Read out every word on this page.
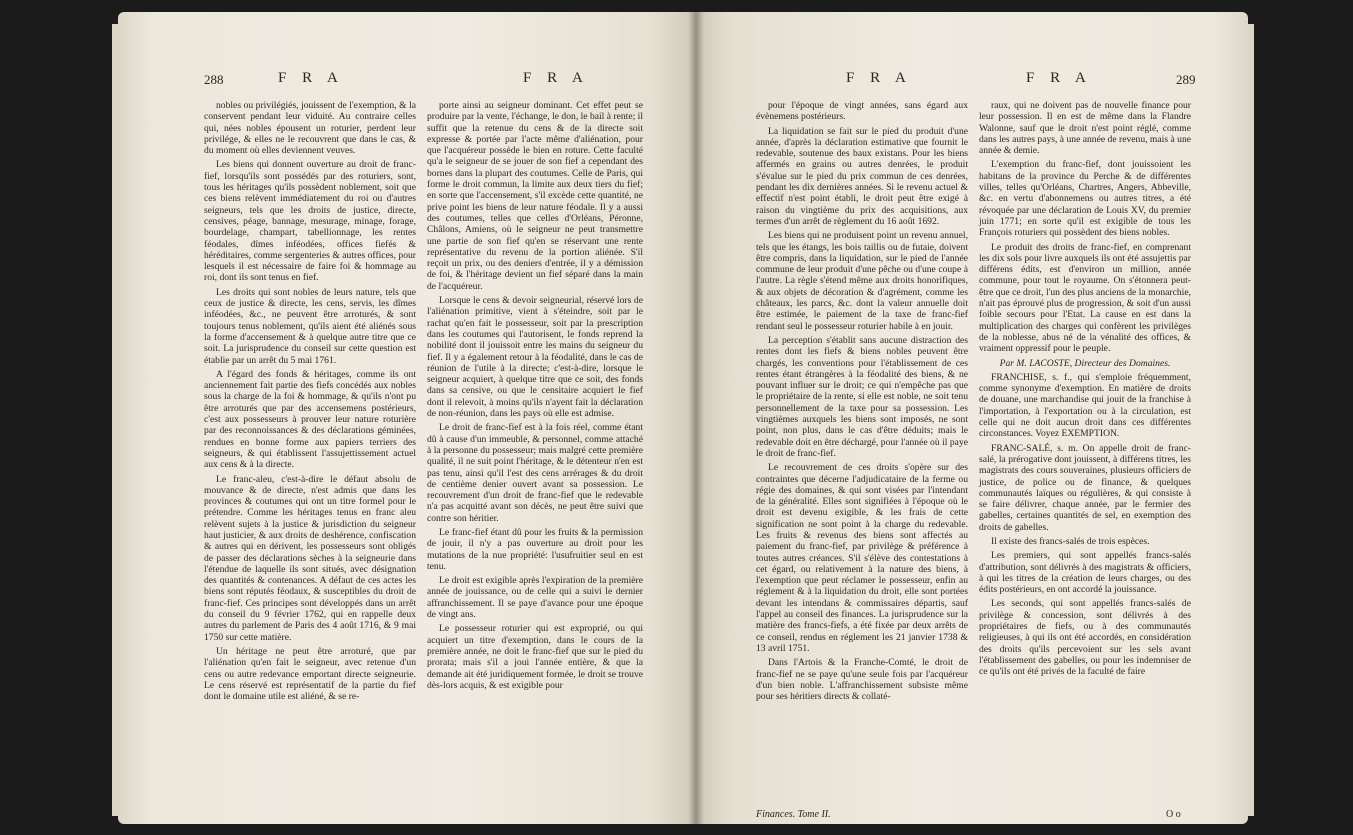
288	F R A	F R A

nobles ou privilégiés, jouissent de l'exemption, & la conservent pendant leur viduité. Au contraire celles qui, nées nobles épousent un roturier, perdent leur privilége, & elles ne le recouvrent que dans le cas, & du moment où elles deviennent veuves.

Les biens qui donnent ouverture au droit de franc-fief, lorsqu'ils sont possédés par des roturiers, sont, tous les héritages qu'ils possèdent noblement, soit que ces biens relèvent immédiatement du roi ou d'autres seigneurs, tels que les droits de justice, directe, censives, péage, bannage, mesurage, minage, forage, bourdelage, champart, tabellionnage, les rentes féodales, dîmes inféodées, offices fiefés & héréditaires, comme sergenteries & autres offices, pour lesquels il est nécessaire de faire foi & hommage au roi, dont ils sont tenus en fief.

Les droits qui sont nobles de leurs nature, tels que ceux de justice & directe, les cens, servis, les dîmes inféodées, &c., ne peuvent être arroturés, & sont toujours tenus noblement, qu'ils aient été aliénés sous la forme d'accensement & à quelque autre titre que ce soit. La jurisprudence du conseil sur cette question est établie par un arrêt du 5 mai 1761.

A l'égard des fonds & héritages, comme ils ont anciennement fait partie des fiefs concédés aux nobles sous la charge de la foi & hommage, & qu'ils n'ont pu être arroturés que par des accensemens postérieurs, c'est aux possesseurs à prouver leur nature roturière par des reconnoissances & des déclarations géminées, rendues en bonne forme aux papiers terriers des seigneurs, & qui établissent l'assujettissement actuel aux cens & à la directe.

Le franc-aleu, c'est-à-dire le défaut absolu de mouvance & de directe, n'est admis que dans les provinces & coutumes qui ont un titre formel pour le prétendre. Comme les héritages tenus en franc aleu relèvent sujets à la justice & jurisdiction du seigneur haut justicier, & aux droits de deshérence, confiscation & autres qui en dérivent, les possesseurs sont obligés de passer des déclarations sèches à la seigneurie dans l'étendue de laquelle ils sont situés, avec désignation des quantités & contenances. A défaut de ces actes les biens sont réputés féodaux, & susceptibles du droit de franc-fief. Ces principes sont développés dans un arrêt du conseil du 9 février 1762, qui en rappelle deux autres du parlement de Paris des 4 août 1716, & 9 mai 1750 sur cette matière.

Un héritage ne peut être arroturé, que par l'aliénation qu'en fait le seigneur, avec retenue d'un cens ou autre redevance emportant directe seigneurie. Le cens réservé est représentatif de la partie du fief dont le domaine utile est aliéné, & se re-

porte ainsi au seigneur dominant. Cet effet peut se produire par la vente, l'échange, le don, le bail à rente; il suffit que la retenue du cens & de la directe soit expresse & portée par l'acte même d'aliénation, pour que l'acquéreur possède le bien en roture. Cette faculté qu'a le seigneur de se jouer de son fief a cependant des bornes dans la plupart des coutumes. Celle de Paris, qui forme le droit commun, la limite aux deux tiers du fief; en sorte que l'accensement, s'il excède cette quantité, ne prive point les biens de leur nature féodale. Il y a aussi des coutumes, telles que celles d'Orléans, Péronne, Châlons, Amiens, où le seigneur ne peut transmettre une partie de son fief qu'en se réservant une rente représentative du revenu de la portion aliénée. S'il reçoit un prix, ou des deniers d'entrée, il y a démission de foi, & l'héritage devient un fief séparé dans la main de l'acquéreur.

Lorsque le cens & devoir seigneurial, réservé lors de l'aliénation primitive, vient à s'éteindre, soit par le rachat qu'en fait le possesseur, soit par la prescription dans les coutumes qui l'autorisent, le fonds reprend la nobilité dont il jouissoit entre les mains du seigneur du fief. Il y a également retour à la féodalité, dans le cas de réunion de l'utile à la directe; c'est-à-dire, lorsque le seigneur acquiert, à quelque titre que ce soit, des fonds dans sa censive, ou que le censitaire acquiert le fief dont il relevoit, à moins qu'ils n'ayent fait la déclaration de non-réunion, dans les pays où elle est admise.

Le droit de franc-fief est à la fois réel, comme étant dû à cause d'un immeuble, & personnel, comme attaché à la personne du possesseur; mais malgré cette première qualité, il ne suit point l'héritage, & le détenteur n'en est pas tenu, ainsi qu'il l'est des cens arrérages & du droit de centième denier ouvert avant sa possession. Le recouvrement d'un droit de franc-fief que le redevable n'a pas acquitté avant son décès, ne peut être suivi que contre son héritier.

Le franc-fief étant dû pour les fruits & la permission de jouir, il n'y a pas ouverture au droit pour les mutations de la nue propriété: l'usufruitier seul en est tenu.

Le droit est exigible après l'expiration de la première année de jouissance, ou de celle qui a suivi le dernier affranchissement. Il se paye d'avance pour une époque de vingt ans.

Le possesseur roturier qui est exproprié, ou qui acquiert un titre d'exemption, dans le cours de la première année, ne doit le franc-fief que sur le pied du prorata; mais s'il a joui l'année entière, & que la demande ait été juridiquement formée, le droit se trouve dès-lors acquis, & est exigible pour

F R A	F R A	289

pour l'époque de vingt années, sans égard aux évènemens postérieurs.

La liquidation se fait sur le pied du produit d'une année, d'après la déclaration estimative que fournit le redevable, soutenue des baux existans. Pour les biens affermés en grains ou autres denrées, le produit s'évalue sur le pied du prix commun de ces denrées, pendant les dix dernières années. Si le revenu actuel & effectif n'est point établi, le droit peut être exigé à raison du vingtième du prix des acquisitions, aux termes d'un arrêt de règlement du 16 août 1692.

Les biens qui ne produisent point un revenu annuel, tels que les étangs, les bois taillis ou de futaie, doivent être compris, dans la liquidation, sur le pied de l'année commune de leur produit d'une pêche ou d'une coupe à l'autre. La règle s'étend même aux droits honorifiques, & aux objets de décoration & d'agrément, comme les châteaux, les parcs, &c. dont la valeur annuelle doit être estimée, le paiement de la taxe de franc-fief rendant seul le possesseur roturier habile à en jouir.

La perception s'établit sans aucune distraction des rentes dont les fiefs & biens nobles peuvent être chargés, les conventions pour l'établissement de ces rentes étant étrangères à la féodalité des biens, & ne pouvant influer sur le droit; ce qui n'empêche pas que le propriétaire de la rente, si elle est noble, ne soit tenu personnellement de la taxe pour sa possession. Les vingtièmes auxquels les biens sont imposés, ne sont point, non plus, dans le cas d'être déduits; mais le redevable doit en être déchargé, pour l'année où il paye le droit de franc-fief.

Le recouvrement de ces droits s'opère sur des contraintes que décerne l'adjudicataire de la ferme ou régie des domaines, & qui sont visées par l'intendant de la généralité. Elles sont signifiées à l'époque où le droit est devenu exigible, & les frais de cette signification ne sont point à la charge du redevable. Les fruits & revenus des biens sont affectés au paiement du franc-fief, par privilège & préférence à toutes autres créances. S'il s'élève des contestations à cet égard, ou relativement à la nature des biens, à l'exemption que peut réclamer le possesseur, enfin au réglement & à la liquidation du droit, elle sont portées devant les intendans & commissaires départis, sauf l'appel au conseil des finances. La jurisprudence sur la matière des francs-fiefs, a été fixée par deux arrêts de ce conseil, rendus en réglement les 21 janvier 1738 & 13 avril 1751.

Dans l'Artois & la Franche-Comté, le droit de franc-fief ne se paye qu'une seule fois par l'acquéreur d'un bien noble. L'affranchissement subsiste même pour ses héritiers directs & collaté-

raux, qui ne doivent pas de nouvelle finance pour leur possession. Il en est de même dans la Flandre Walonne, sauf que le droit n'est point réglé, comme dans les autres pays, à une année de revenu, mais à une année & demie.

L'exemption du franc-fief, dont jouissoient les habitans de la province du Perche & de différentes villes, telles qu'Orléans, Chartres, Angers, Abbeville, &c. en vertu d'abonnemens ou autres titres, a été révoquée par une déclaration de Louis XV, du premier juin 1771; en sorte qu'il est exigible de tous les François roturiers qui possèdent des biens nobles.

Le produit des droits de franc-fief, en comprenant les dix sols pour livre auxquels ils ont été assujettis par différens édits, est d'environ un million, année commune, pour tout le royaume. On s'étonnera peut-être que ce droit, l'un des plus anciens de la monarchie, n'ait pas éprouvé plus de progression, & soit d'un aussi foible secours pour l'Etat. La cause en est dans la multiplication des charges qui confèrent les privilèges de la noblesse, abus né de la vénalité des offices, & vraiment oppressif pour le peuple.

Par M. LACOSTE, Directeur des Domaines.

FRANCHISE, s. f., qui s'emploie fréquemment, comme synonyme d'exemption. En matière de droits de douane, une marchandise qui jouit de la franchise à l'importation, à l'exportation ou à la circulation, est celle qui ne doit aucun droit dans ces différentes circonstances. Voyez EXEMPTION.

FRANC-SALÉ, s. m. On appelle droit de franc-salé, la prérogative dont jouissent, à différens titres, les magistrats des cours souveraines, plusieurs officiers de justice, de police ou de finance, & quelques communautés laïques ou régulières, & qui consiste à se faire délivrer, chaque année, par le fermier des gabelles, certaines quantités de sel, en exemption des droits de gabelles.

Il existe des francs-salés de trois espèces.

Les premiers, qui sont appellés francs-salés d'attribution, sont délivrés à des magistrats & officiers, à qui les titres de la création de leurs charges, ou des édits postérieurs, en ont accordé la jouissance.

Les seconds, qui sont appellés francs-salés de privilège & concession, sont délivrés à des propriétaires de fiefs, ou à des communautés religieuses, à qui ils ont été accordés, en considération des droits qu'ils percevoient sur les sels avant l'établissement des gabelles, ou pour les indemniser de ce qu'ils ont été privés de la faculté de faire

Finances. Tome II.	O o
